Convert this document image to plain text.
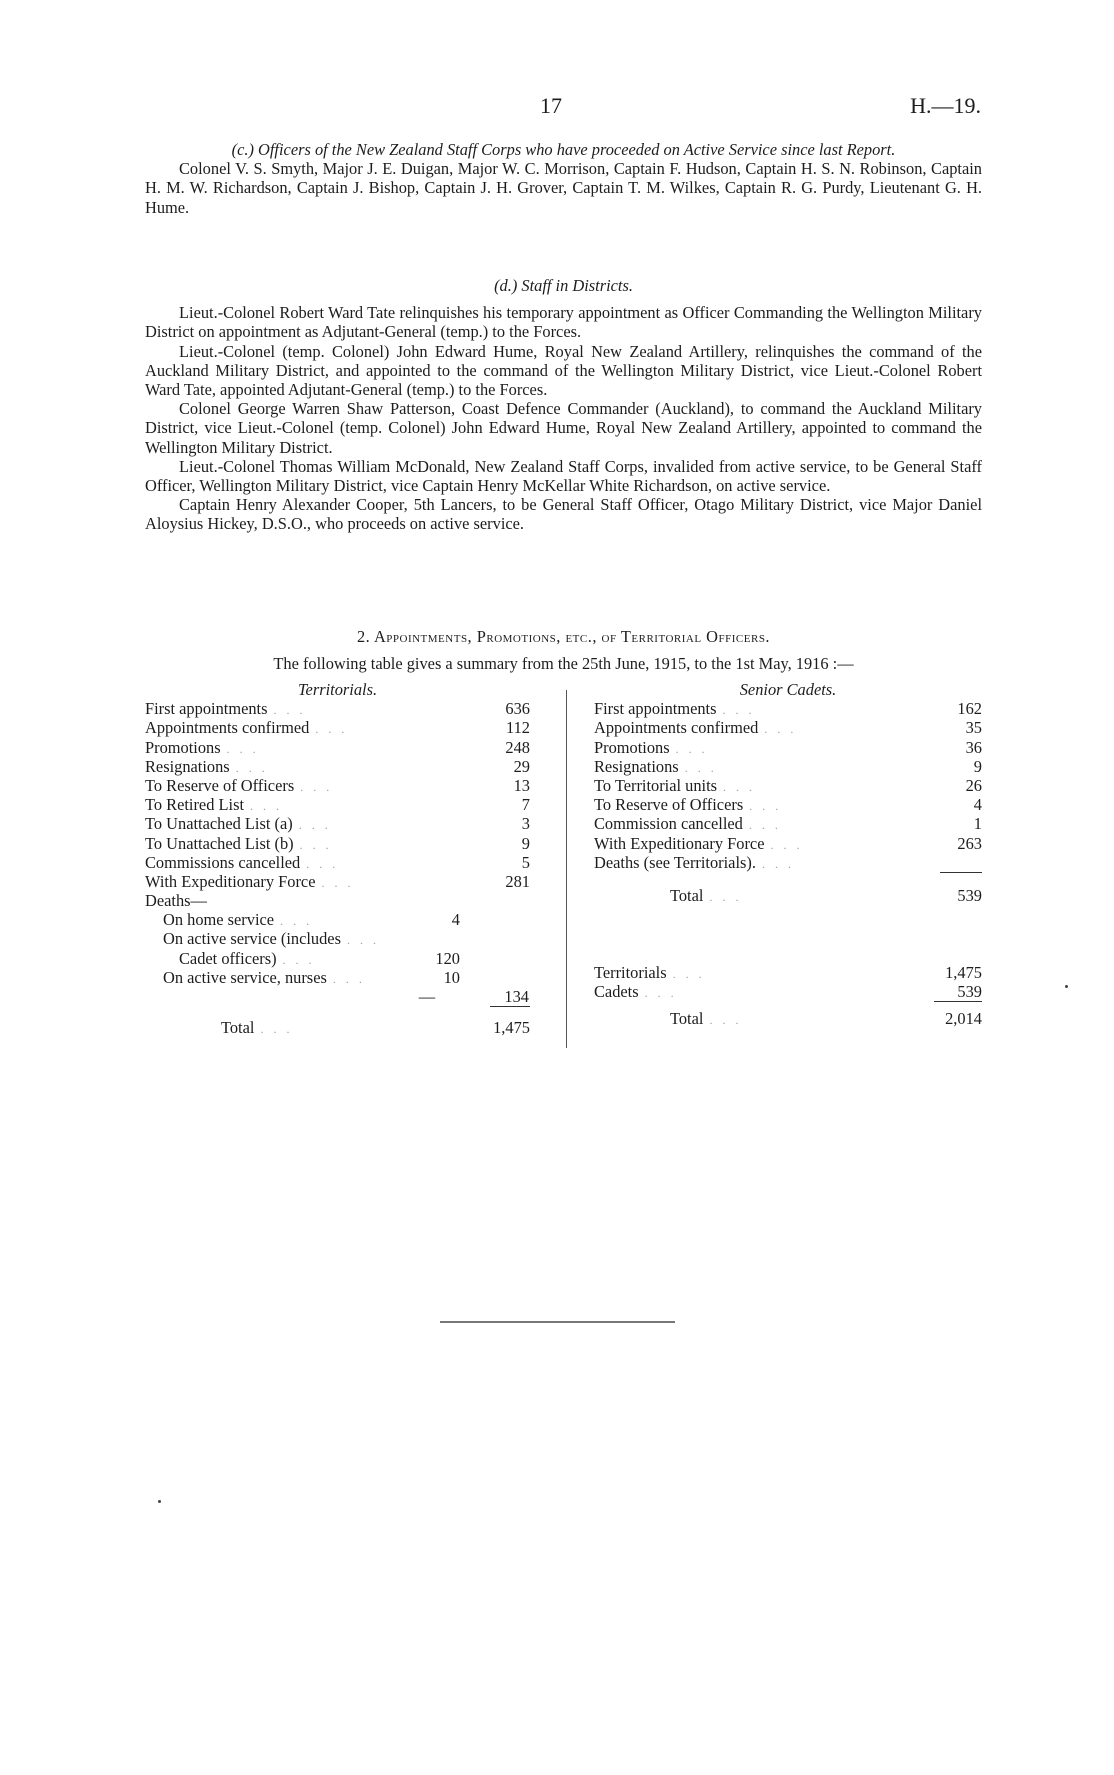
17	H.—19.
(c.) Officers of the New Zealand Staff Corps who have proceeded on Active Service since last Report.

Colonel V. S. Smyth, Major J. E. Duigan, Major W. C. Morrison, Captain F. Hudson, Captain H. S. N. Robinson, Captain H. M. W. Richardson, Captain J. Bishop, Captain J. H. Grover, Captain T. M. Wilkes, Captain R. G. Purdy, Lieutenant G. H. Hume.

(d.) Staff in Districts.

Lieut.-Colonel Robert Ward Tate relinquishes his temporary appointment as Officer Commanding the Wellington Military District on appointment as Adjutant-General (temp.) to the Forces.

Lieut.-Colonel (temp. Colonel) John Edward Hume, Royal New Zealand Artillery, relinquishes the command of the Auckland Military District, and appointed to the command of the Wellington Military District, vice Lieut.-Colonel Robert Ward Tate, appointed Adjutant-General (temp.) to the Forces.

Colonel George Warren Shaw Patterson, Coast Defence Commander (Auckland), to command the Auckland Military District, vice Lieut.-Colonel (temp. Colonel) John Edward Hume, Royal New Zealand Artillery, appointed to command the Wellington Military District.

Lieut.-Colonel Thomas William McDonald, New Zealand Staff Corps, invalided from active service, to be General Staff Officer, Wellington Military District, vice Captain Henry McKellar White Richardson, on active service.

Captain Henry Alexander Cooper, 5th Lancers, to be General Staff Officer, Otago Military District, vice Major Daniel Aloysius Hickey, D.S.O., who proceeds on active service.

2. Appointments, Promotions, etc., of Territorial Officers.
The following table gives a summary from the 25th June, 1915, to the 1st May, 1916 :—
Territorials.
First appointments ...	636
Appointments confirmed ...	112
Promotions ...	248
Resignations ...	29
To Reserve of Officers ...	13
To Retired List ...	7
To Unattached List (a) ...	3
To Unattached List (b) ...	9
Commissions cancelled ...	5
With Expeditionary Force ...	281
Deaths—
On home service ...	4
On active service (includes ...
Cadet officers) ...	120
On active service, nurses ...	10
—	134
Total ...	1,475
Senior Cadets.
First appointments ...	162
Appointments confirmed ...	35
Promotions ...	36
Resignations ...	9
To Territorial units ...	26
To Reserve of Officers ...	4
Commission cancelled ...	1
With Expeditionary Force ...	263
Deaths (see Territorials). ...
Total ...	539
Territorials ...	1,475
Cadets ...	539
Total ...	2,014
